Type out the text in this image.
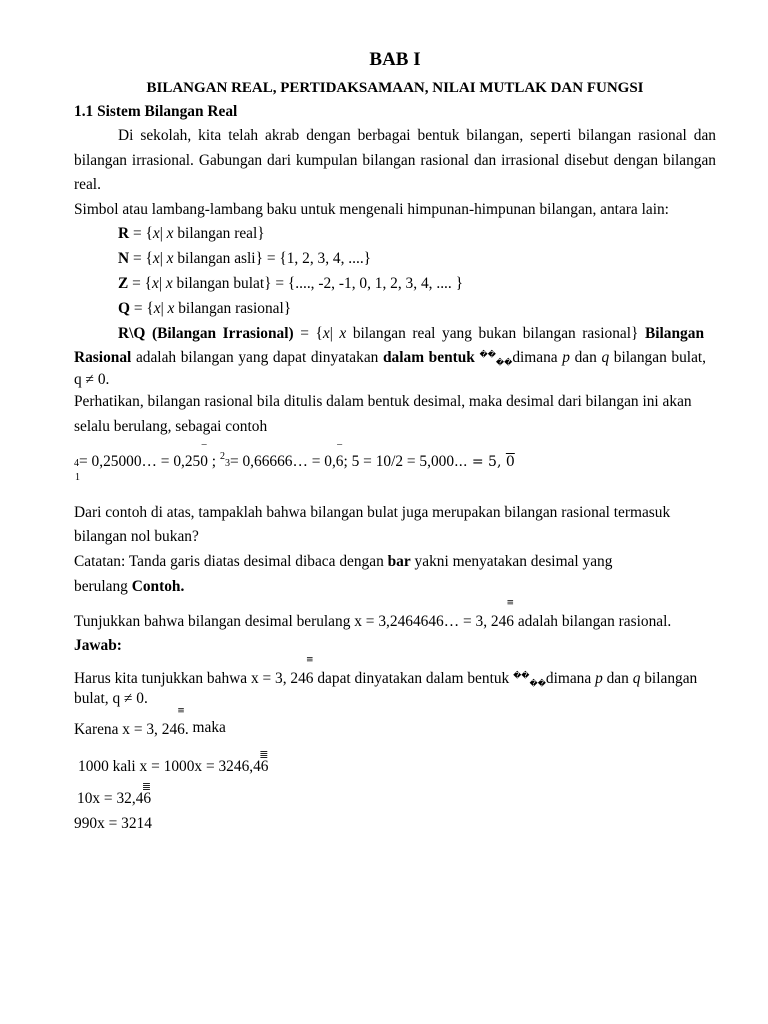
BAB I
BILANGAN REAL, PERTIDAKSAMAAN, NILAI MUTLAK DAN FUNGSI
1.1 Sistem Bilangan Real
Di sekolah, kita telah akrab dengan berbagai bentuk bilangan, seperti bilangan rasional dan
bilangan irrasional. Gabungan dari kumpulan bilangan rasional dan irrasional disebut dengan bilangan
real.
Simbol atau lambang-lambang baku untuk mengenali himpunan-himpunan bilangan, antara lain:
R = {x| x bilangan real}
N = {x| x bilangan asli} = {1, 2, 3, 4, ....}
Z = {x| x bilangan bulat} = {...., -2, -1, 0, 1, 2, 3, 4, .... }
Q = {x| x bilangan rasional}
R\Q (Bilangan Irrasional) = {x| x bilangan real yang bukan bilangan rasional} Bilangan
Rasional adalah bilangan yang dapat dinyatakan dalam bentuk ����dimana p dan q bilangan bulat,
q ≠ 0.
Perhatikan, bilangan rasional bila ditulis dalam bentuk desimal, maka desimal dari bilangan ini akan
selalu berulang, sebagai contoh
4= 0,25000… = 0,250
–
; $^2$3= 0,66666… = 0,6
–
; 5 = 10/2 = 5,000... = 5, 0
1
Dari contoh di atas, tampaklah bahwa bilangan bulat juga merupakan bilangan rasional termasuk
bilangan nol bukan?
Catatan: Tanda garis diatas desimal dibaca dengan bar yakni menyatakan desimal yang
berulang Contoh.
Tunjukkan bahwa bilangan desimal berulang x = 3,2464646… = 3, 246
≡
adalah bilangan rasional.
Jawab:
Harus kita tunjukkan bahwa x = 3, 246
≡
dapat dinyatakan dalam bentuk ����dimana p dan q bilangan
bulat, q ≠ 0.
Karena x = 3, 246
≡
. maka
1000 kali x = 1000x = 3246,46
≣
10x = 32,46
≣
990x = 3214
